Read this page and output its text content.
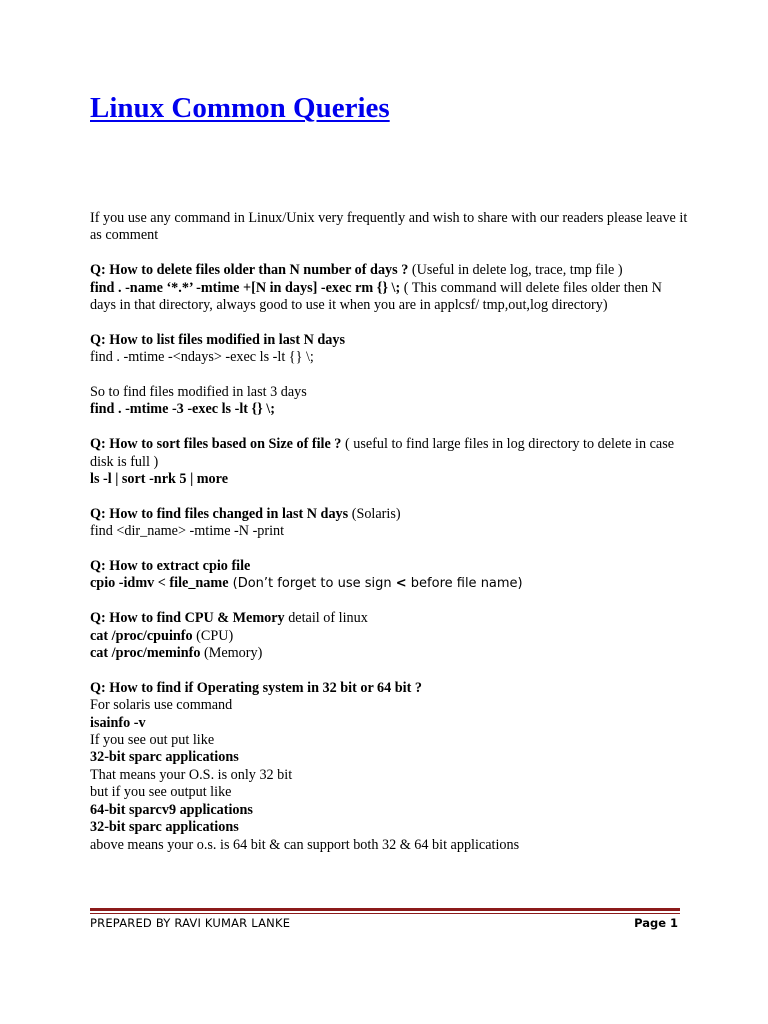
Linux Common Queries

If you use any command in Linux/Unix very frequently and wish to share with our readers please leave it as comment

Q: How to delete files older than N number of days ? (Useful in delete log, trace, tmp file )

find . -name ‘*.*’ -mtime +[N in days] -exec rm {} \; ( This command will delete files older then N days in that directory, always good to use it when you are in applcsf/ tmp,out,log directory)

Q: How to list files modified in last N days

find . -mtime -<ndays> -exec ls -lt {} \;

So to find files modified in last 3 days

find . -mtime -3 -exec ls -lt {} \;

Q: How to sort files based on Size of file ? ( useful to find large files in log directory to delete in case disk is full )

ls -l | sort -nrk 5 | more

Q: How to find files changed in last N days (Solaris)

find <dir_name> -mtime -N -print

Q: How to extract cpio file

cpio -idmv < file_name (Don’t forget to use sign < before file name)

Q: How to find CPU & Memory detail of linux

cat /proc/cpuinfo (CPU)

cat /proc/meminfo (Memory)

Q: How to find if Operating system in 32 bit or 64 bit ?

For solaris use command

isainfo -v

If you see out put like

32-bit sparc applications

That means your O.S. is only 32 bit

but if you see output like

64-bit sparcv9 applications

32-bit sparc applications

above means your o.s. is 64 bit & can support both 32 & 64 bit applications

PREPARED BY RAVI KUMAR LANKE	Page 1
